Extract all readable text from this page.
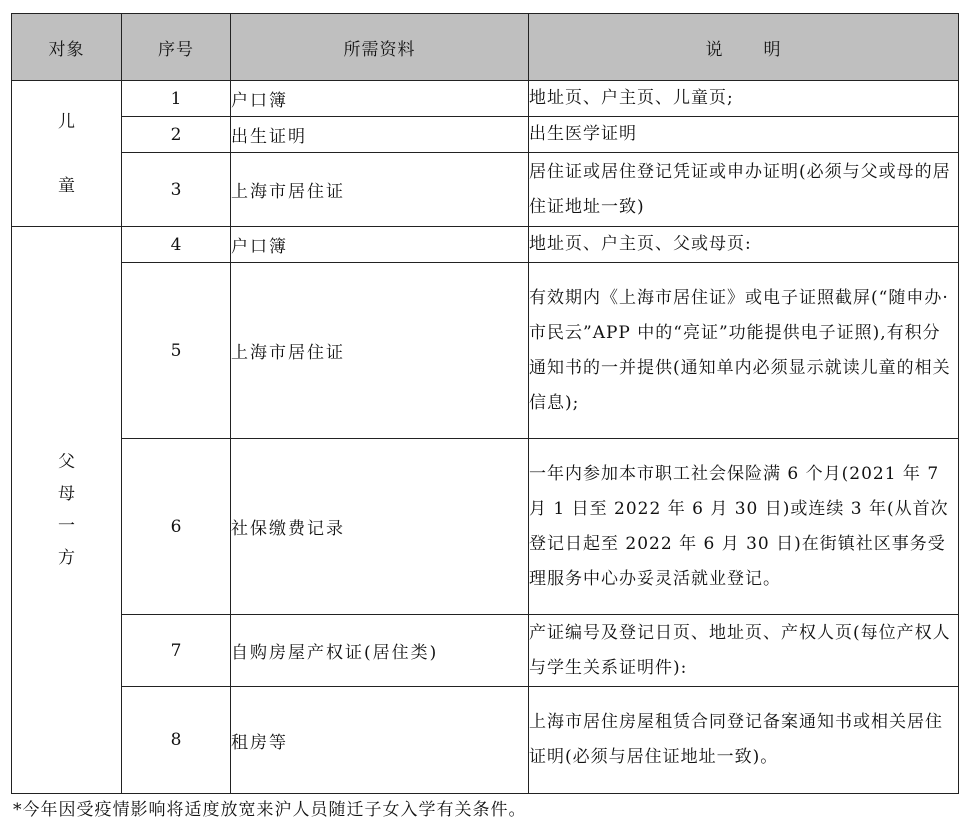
对象	序号	所需资料	说 明

儿
童	1	户口簿	地址页、户主页、儿童页;
	2	出生证明	出生医学证明
	3	上海市居住证	居住证或居住登记凭证或申办证明(必须与父或母的居住证地址一致)

父
母
一
方	4	户口簿	地址页、户主页、父或母页:
	5	上海市居住证	有效期内《上海市居住证》或电子证照截屏(“随申办·市民云”APP 中的“亮证”功能提供电子证照),有积分通知书的一并提供(通知单内必须显示就读儿童的相关信息);
	6	社保缴费记录	一年内参加本市职工社会保险满 6 个月(2021 年 7 月 1 日至 2022 年 6 月 30 日)或连续 3 年(从首次登记日起至 2022 年 6 月 30 日)在街镇社区事务受理服务中心办妥灵活就业登记。
	7	自购房屋产权证(居住类)	产证编号及登记日页、地址页、产权人页(每位产权人与学生关系证明件):
	8	租房等	上海市居住房屋租赁合同登记备案通知书或相关居住证明(必须与居住证地址一致)。
*今年因受疫情影响将适度放宽来沪人员随迁子女入学有关条件。
